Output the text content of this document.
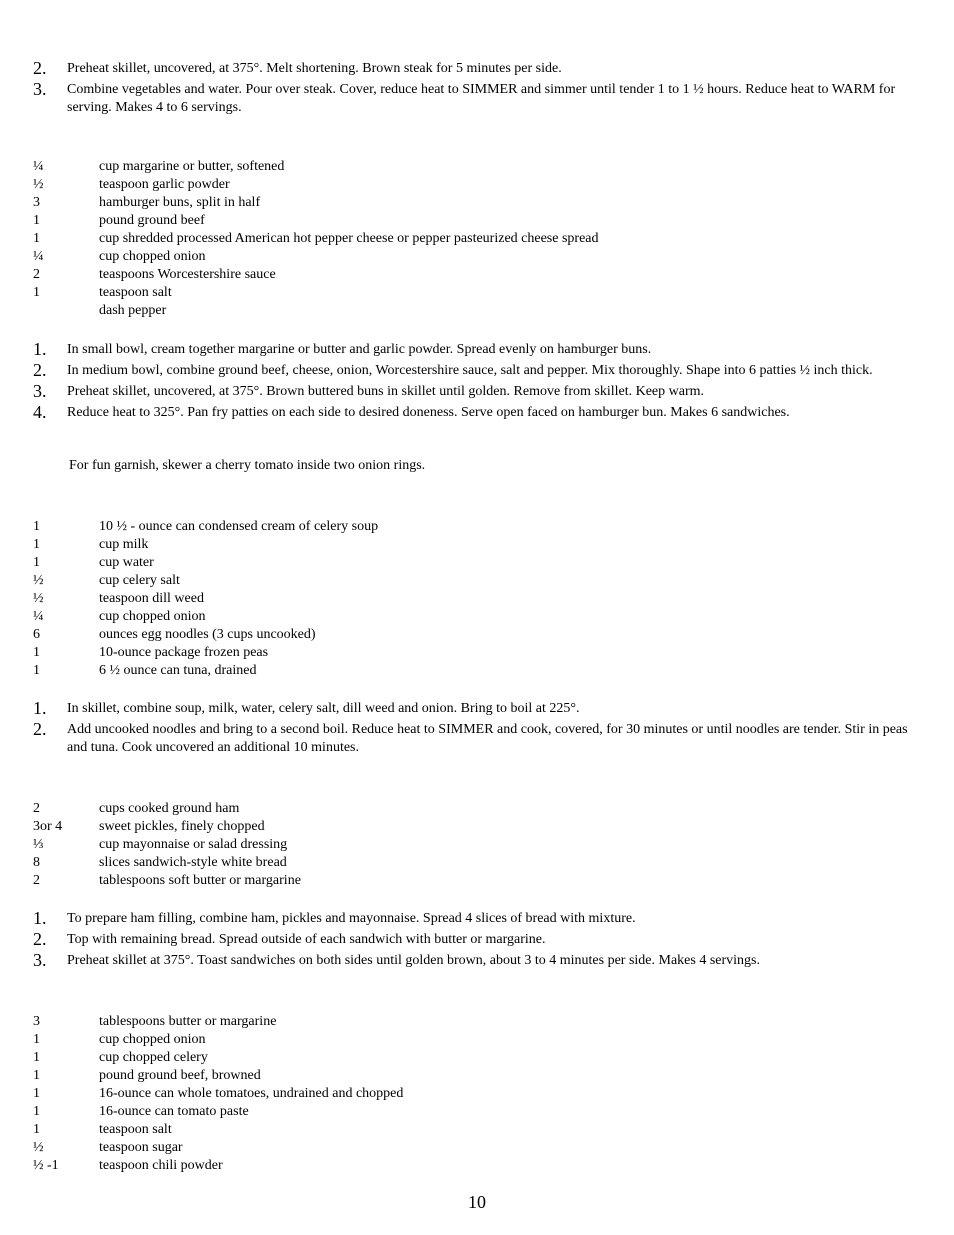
2. Preheat skillet, uncovered, at 375°. Melt shortening. Brown steak for 5 minutes per side.
3. Combine vegetables and water. Pour over steak. Cover, reduce heat to SIMMER and simmer until tender 1 to 1 ½ hours. Reduce heat to WARM for serving. Makes 4 to 6 servings.
¼	cup margarine or butter, softened
½	teaspoon garlic powder
3	hamburger buns, split in half
1	pound ground beef
1	cup shredded processed American hot pepper cheese or pepper pasteurized cheese spread
¼	cup chopped onion
2	teaspoons Worcestershire sauce
1	teaspoon salt
dash pepper
1. In small bowl, cream together margarine or butter and garlic powder. Spread evenly on hamburger buns.
2. In medium bowl, combine ground beef, cheese, onion, Worcestershire sauce, salt and pepper. Mix thoroughly. Shape into 6 patties ½ inch thick.
3. Preheat skillet, uncovered, at 375°. Brown buttered buns in skillet until golden. Remove from skillet. Keep warm.
4. Reduce heat to 325°. Pan fry patties on each side to desired doneness. Serve open faced on hamburger bun. Makes 6 sandwiches.
For fun garnish, skewer a cherry tomato inside two onion rings.
1	10 ½ - ounce can condensed cream of celery soup
1	cup milk
1	cup water
½	cup celery salt
½	teaspoon dill weed
¼	cup chopped onion
6	ounces egg noodles (3 cups uncooked)
1	10-ounce package frozen peas
1	6 ½ ounce can tuna, drained
1. In skillet, combine soup, milk, water, celery salt, dill weed and onion. Bring to boil at 225°.
2. Add uncooked noodles and bring to a second boil. Reduce heat to SIMMER and cook, covered, for 30 minutes or until noodles are tender. Stir in peas and tuna. Cook uncovered an additional 10 minutes.
2	cups cooked ground ham
3or 4	sweet pickles, finely chopped
⅓	cup mayonnaise or salad dressing
8	slices sandwich-style white bread
2	tablespoons soft butter or margarine
1. To prepare ham filling, combine ham, pickles and mayonnaise. Spread 4 slices of bread with mixture.
2. Top with remaining bread. Spread outside of each sandwich with butter or margarine.
3. Preheat skillet at 375°. Toast sandwiches on both sides until golden brown, about 3 to 4 minutes per side. Makes 4 servings.
3	tablespoons butter or margarine
1	cup chopped onion
1	cup chopped celery
1	pound ground beef, browned
1	16-ounce can whole tomatoes, undrained and chopped
1	16-ounce can tomato paste
1	teaspoon salt
½	teaspoon sugar
½ -1	teaspoon chili powder
10
